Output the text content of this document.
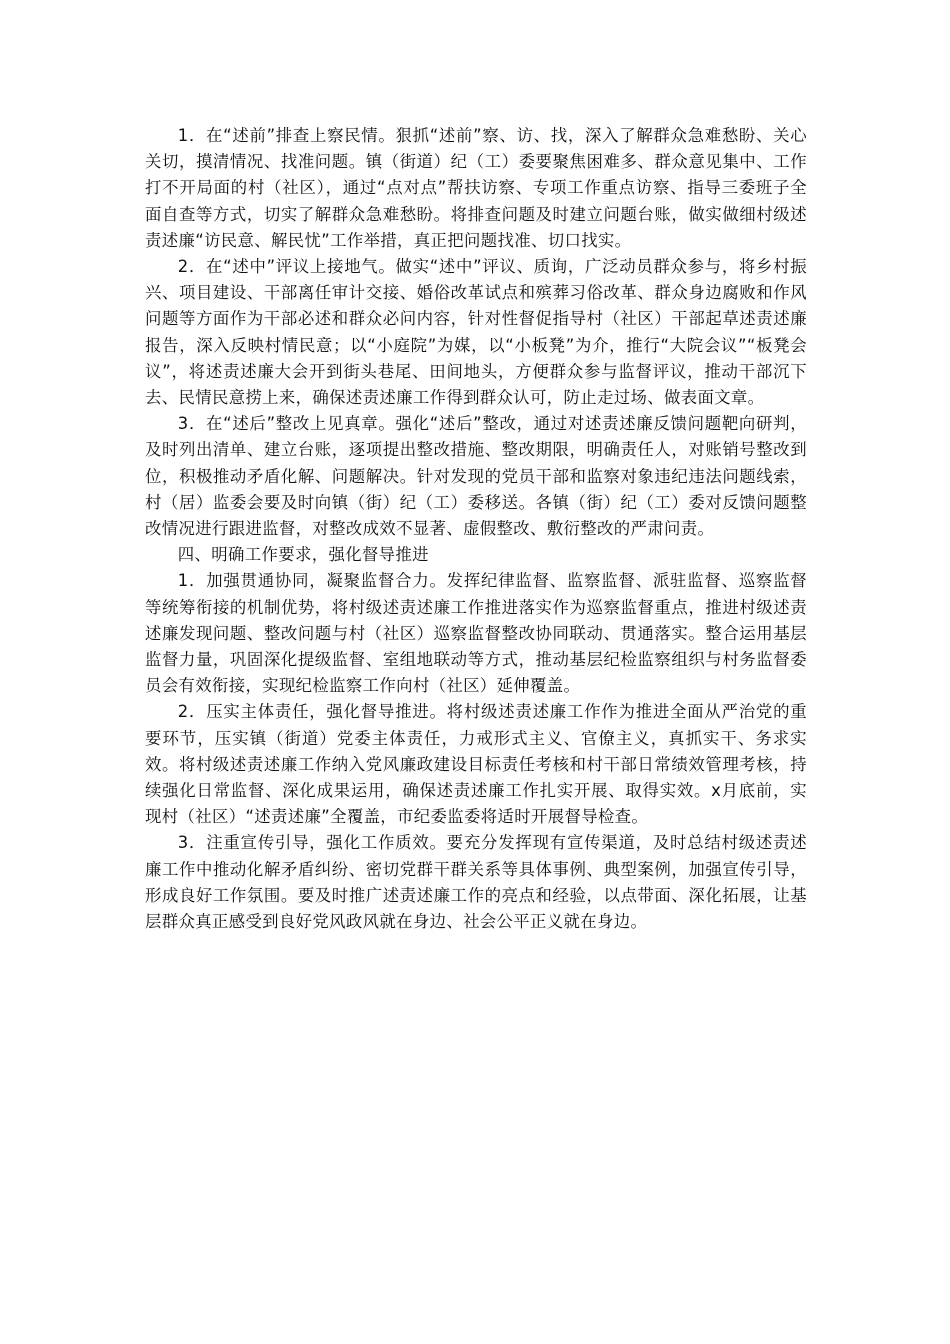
1．在“述前”排查上察民情。狠抓“述前”察、访、找，深入了解群众急难愁盼、关心关切，摸清情况、找准问题。镇（街道）纪（工）委要聚焦困难多、群众意见集中、工作打不开局面的村（社区），通过“点对点”帮扶访察、专项工作重点访察、指导三委班子全面自查等方式，切实了解群众急难愁盼。将排查问题及时建立问题台账，做实做细村级述责述廉“访民意、解民忧”工作举措，真正把问题找准、切口找实。

2．在“述中”评议上接地气。做实“述中”评议、质询，广泛动员群众参与，将乡村振兴、项目建设、干部离任审计交接、婚俗改革试点和殡葬习俗改革、群众身边腐败和作风问题等方面作为干部必述和群众必问内容，针对性督促指导村（社区）干部起草述责述廉报告，深入反映村情民意；以“小庭院”为媒，以“小板凳”为介，推行“大院会议”“板凳会议”，将述责述廉大会开到街头巷尾、田间地头，方便群众参与监督评议，推动干部沉下去、民情民意捞上来，确保述责述廉工作得到群众认可，防止走过场、做表面文章。

3．在“述后”整改上见真章。强化“述后”整改，通过对述责述廉反馈问题靶向研判，及时列出清单、建立台账，逐项提出整改措施、整改期限，明确责任人，对账销号整改到位，积极推动矛盾化解、问题解决。针对发现的党员干部和监察对象违纪违法问题线索，村（居）监委会要及时向镇（街）纪（工）委移送。各镇（街）纪（工）委对反馈问题整改情况进行跟进监督，对整改成效不显著、虚假整改、敷衍整改的严肃问责。

四、明确工作要求，强化督导推进

1．加强贯通协同，凝聚监督合力。发挥纪律监督、监察监督、派驻监督、巡察监督等统筹衔接的机制优势，将村级述责述廉工作推进落实作为巡察监督重点，推进村级述责述廉发现问题、整改问题与村（社区）巡察监督整改协同联动、贯通落实。整合运用基层监督力量，巩固深化提级监督、室组地联动等方式，推动基层纪检监察组织与村务监督委员会有效衔接，实现纪检监察工作向村（社区）延伸覆盖。

2．压实主体责任，强化督导推进。将村级述责述廉工作作为推进全面从严治党的重要环节，压实镇（街道）党委主体责任，力戒形式主义、官僚主义，真抓实干、务求实效。将村级述责述廉工作纳入党风廉政建设目标责任考核和村干部日常绩效管理考核，持续强化日常监督、深化成果运用，确保述责述廉工作扎实开展、取得实效。x月底前，实现村（社区）“述责述廉”全覆盖，市纪委监委将适时开展督导检查。

3．注重宣传引导，强化工作质效。要充分发挥现有宣传渠道，及时总结村级述责述廉工作中推动化解矛盾纠纷、密切党群干群关系等具体事例、典型案例，加强宣传引导，形成良好工作氛围。要及时推广述责述廉工作的亮点和经验，以点带面、深化拓展，让基层群众真正感受到良好党风政风就在身边、社会公平正义就在身边。
